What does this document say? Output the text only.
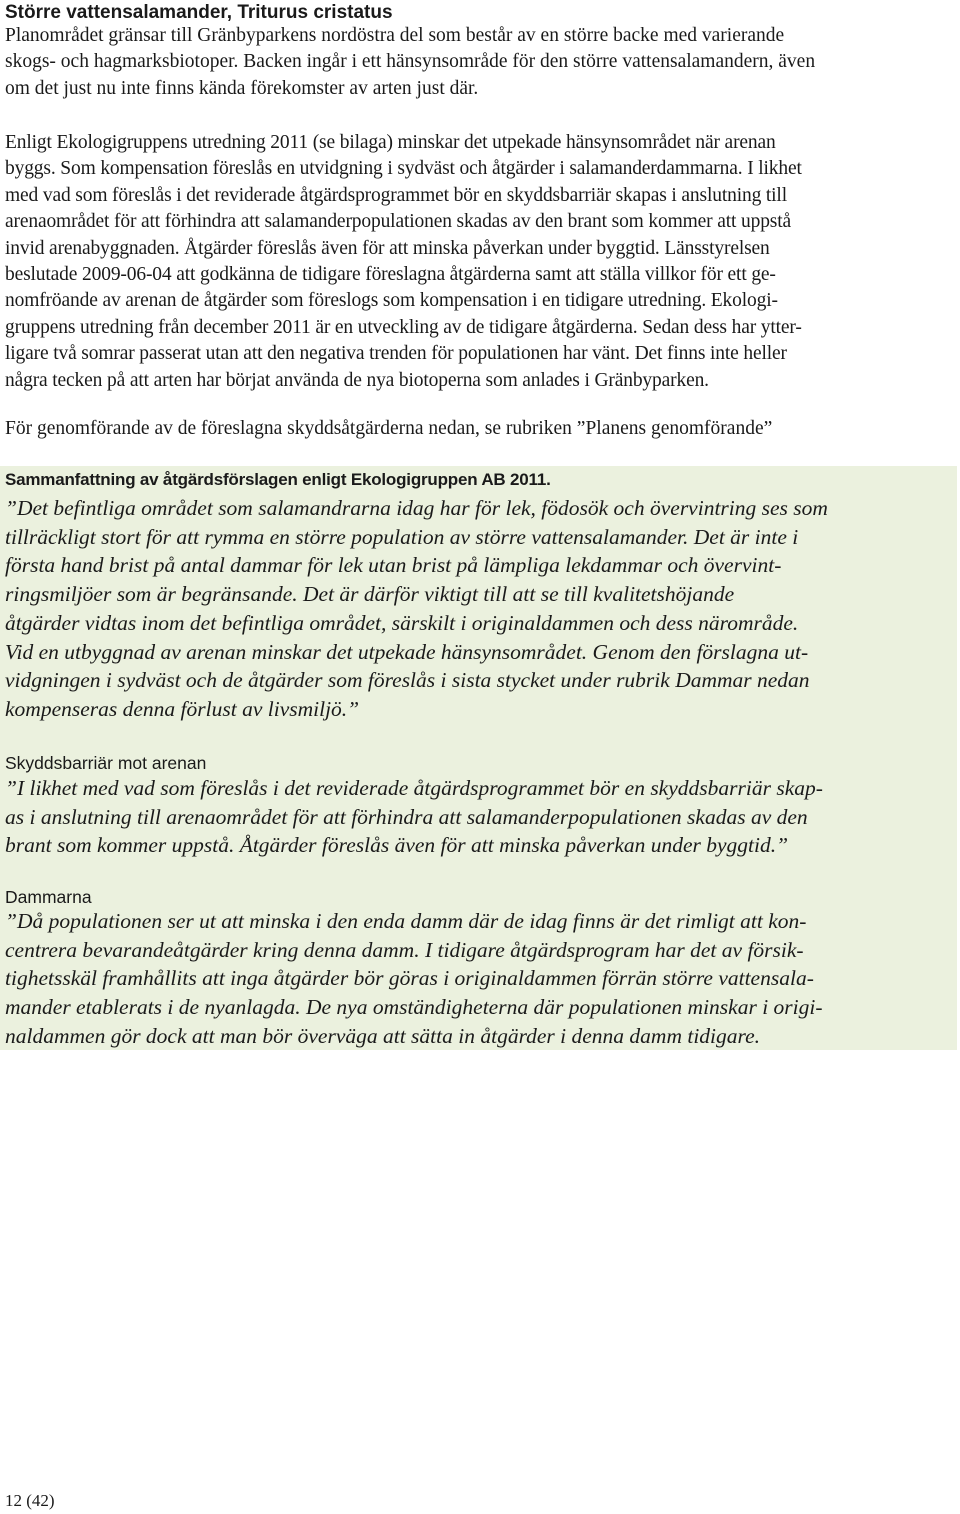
Större vattensalamander, Triturus cristatus
Planområdet gränsar till Gränbyparkens nordöstra del som består av en större backe med varierande
skogs- och hagmarksbiotoper. Backen ingår i ett hänsynsområde för den större vattensalamandern, även
om det just nu inte finns kända förekomster av arten just där.
Enligt Ekologigruppens utredning 2011 (se bilaga) minskar det utpekade hänsynsområdet när arenan
byggs. Som kompensation föreslås en utvidgning i sydväst och åtgärder i salamanderdammarna. I likhet
med vad som föreslås i det reviderade åtgärdsprogrammet bör en skyddsbarriär skapas i anslutning till
arenaområdet för att förhindra att salamanderpopulationen skadas av den brant som kommer att uppstå
invid arenabyggnaden. Åtgärder föreslås även för att minska påverkan under byggtid. Länsstyrelsen
beslutade 2009-06-04 att godkänna de tidigare föreslagna åtgärderna samt att ställa villkor för ett ge-
nomfröande av arenan de åtgärder som föreslogs som kompensation i en tidigare utredning. Ekologi-
gruppens utredning från december 2011 är en utveckling av de tidigare åtgärderna. Sedan dess har ytter-
ligare två somrar passerat utan att den negativa trenden för populationen har vänt. Det finns inte heller
några tecken på att arten har börjat använda de nya biotoperna som anlades i Gränbyparken.
För genomförande av de föreslagna skyddsåtgärderna nedan, se rubriken ”Planens genomförande”
Sammanfattning av åtgärdsförslagen enligt Ekologigruppen AB 2011.
”Det befintliga området som salamandrarna idag har för lek, födosök och övervintring ses som
tillräckligt stort för att rymma en större population av större vattensalamander. Det är inte i
första hand brist på antal dammar för lek utan brist på lämpliga lekdammar och övervint-
ringsmiljöer som är begränsande. Det är därför viktigt till att se till kvalitetshöjande
åtgärder vidtas inom det befintliga området, särskilt i originaldammen och dess närområde.
Vid en utbyggnad av arenan minskar det utpekade hänsynsområdet. Genom den förslagna ut-
vidgningen i sydväst och de åtgärder som föreslås i sista stycket under rubrik Dammar nedan
kompenseras denna förlust av livsmiljö.”
Skyddsbarriär mot arenan
”I likhet med vad som föreslås i det reviderade åtgärdsprogrammet bör en skyddsbarriär skap-
as i anslutning till arenaområdet för att förhindra att salamanderpopulationen skadas av den
brant som kommer uppstå. Åtgärder föreslås även för att minska påverkan under byggtid.”
Dammarna
”Då populationen ser ut att minska i den enda damm där de idag finns är det rimligt att kon-
centrera bevarandeåtgärder kring denna damm. I tidigare åtgärdsprogram har det av försik-
tighetsskäl framhållits att inga åtgärder bör göras i originaldammen förrän större vattensala-
mander etablerats i de nyanlagda. De nya omständigheterna där populationen minskar i origi-
naldammen gör dock att man bör överväga att sätta in åtgärder i denna damm tidigare.
12 (42)
